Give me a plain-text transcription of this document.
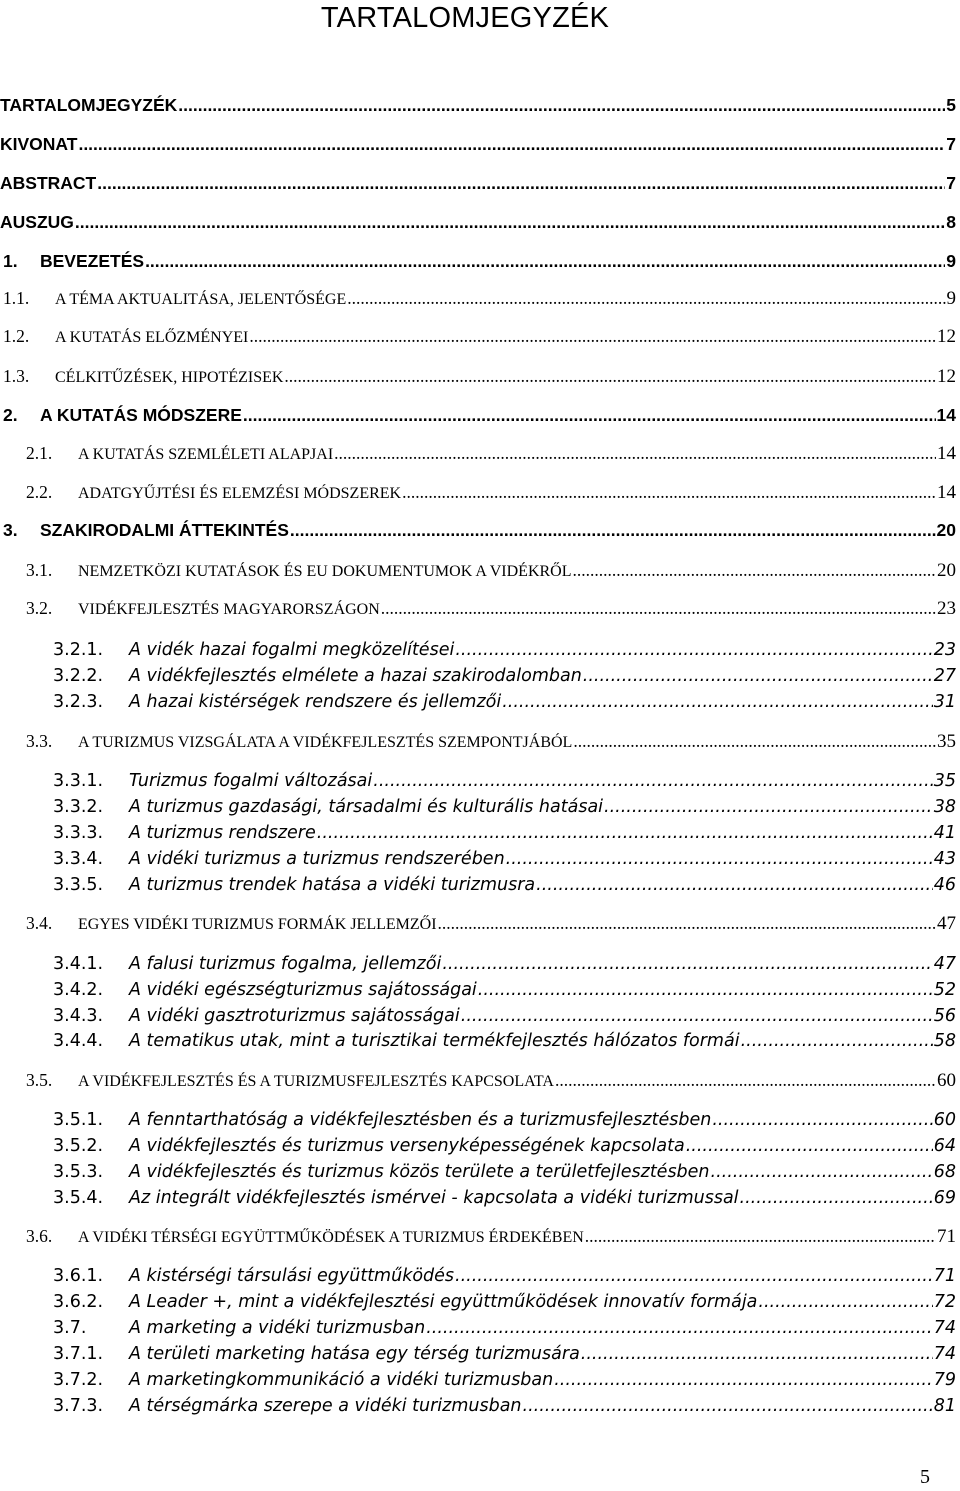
TARTALOMJEGYZÉK
TARTALOMJEGYZÉK .....	5
KIVONAT .....	7
ABSTRACT .....	7
AUSZUG .....	8
1.	BEVEZETÉS .....	9
1.1.	A TÉMA AKTUALITÁSA, JELENTŐSÉGE .....	9
1.2.	A KUTATÁS ELŐZMÉNYEI .....	12
1.3.	CÉLKITŰZÉSEK, HIPOTÉZISEK .....	12
2.	A KUTATÁS MÓDSZERE .....	14
2.1.	A KUTATÁS SZEMLÉLETI ALAPJAI .....	14
2.2.	ADATGYŰJTÉSI ÉS ELEMZÉSI MÓDSZEREK .....	14
3.	SZAKIRODALMI ÁTTEKINTÉS .....	20
3.1.	NEMZETKÖZI KUTATÁSOK ÉS EU DOKUMENTUMOK A VIDÉKRŐL .....	20
3.2.	VIDÉKFEJLESZTÉS MAGYARORSZÁGON .....	23
3.2.1.	A vidék hazai fogalmi megközelítései .....	23
3.2.2.	A vidékfejlesztés elmélete a hazai szakirodalomban .....	27
3.2.3.	A hazai kistérségek rendszere és jellemzői .....	31
3.3.	A TURIZMUS VIZSGÁLATA A VIDÉKFEJLESZTÉS SZEMPONTJÁBÓL .....	35
3.3.1.	Turizmus fogalmi változásai .....	35
3.3.2.	A turizmus gazdasági, társadalmi és kulturális hatásai .....	38
3.3.3.	A turizmus rendszere .....	41
3.3.4.	A vidéki turizmus a turizmus rendszerében .....	43
3.3.5.	A turizmus trendek hatása a vidéki turizmusra .....	46
3.4.	EGYES VIDÉKI TURIZMUS FORMÁK JELLEMZŐI .....	47
3.4.1.	A falusi turizmus fogalma, jellemzői .....	47
3.4.2.	A vidéki egészségturizmus sajátosságai .....	52
3.4.3.	A vidéki gasztroturizmus sajátosságai .....	56
3.4.4.	A tematikus utak, mint a turisztikai termékfejlesztés hálózatos formái .....	58
3.5.	A VIDÉKFEJLESZTÉS ÉS A TURIZMUSFEJLESZTÉS KAPCSOLATA .....	60
3.5.1.	A fenntarthatóság a vidékfejlesztésben és a turizmusfejlesztésben .....	60
3.5.2.	A vidékfejlesztés és turizmus versenyképességének kapcsolata .....	64
3.5.3.	A vidékfejlesztés és turizmus közös területe a területfejlesztésben .....	68
3.5.4.	Az integrált vidékfejlesztés ismérvei - kapcsolata a vidéki turizmussal .....	69
3.6.	A VIDÉKI TÉRSÉGI EGYÜTTMŰKÖDÉSEK A TURIZMUS ÉRDEKÉBEN .....	71
3.6.1.	A kistérségi társulási együttműködés .....	71
3.6.2.	A Leader +, mint a vidékfejlesztési együttműködések innovatív formája .....	72
3.7.	A marketing a vidéki turizmusban .....	74
3.7.1.	A területi marketing hatása egy térség turizmusára .....	74
3.7.2.	A marketingkommunikáció a vidéki turizmusban .....	79
3.7.3.	A térségmárka szerepe a vidéki turizmusban .....	81
5
